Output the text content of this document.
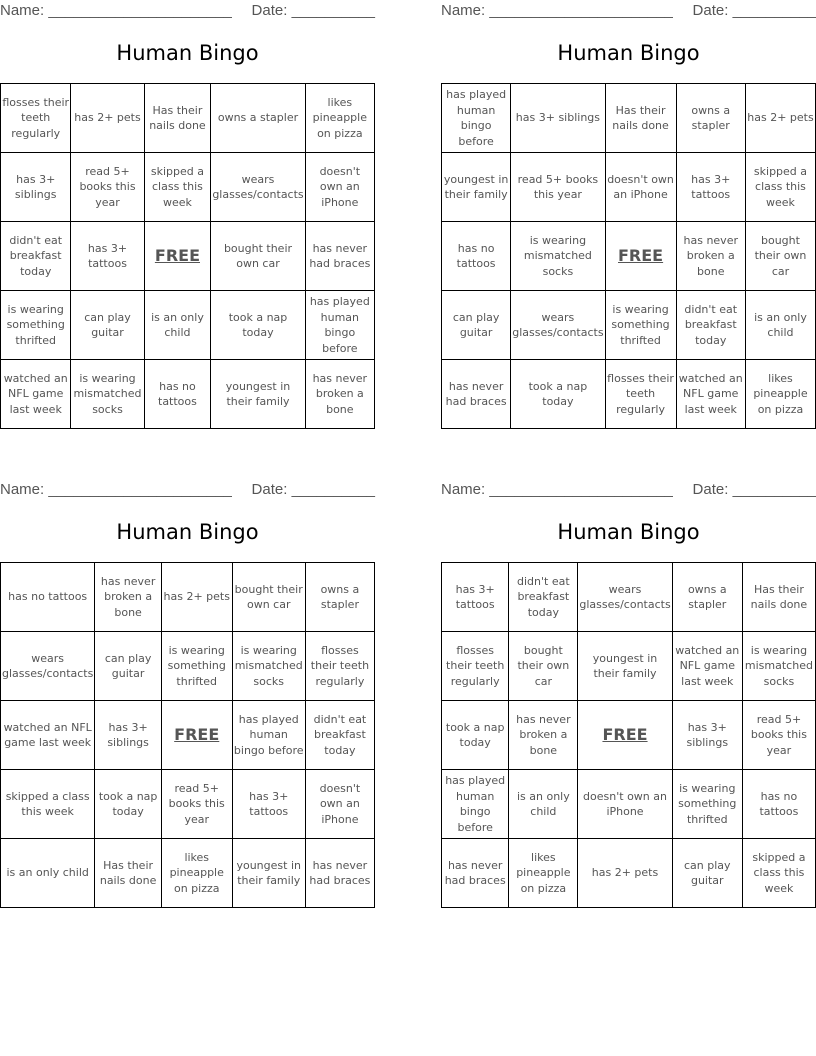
Name: ______________________ Date: __________
Human Bingo
flosses their teeth regularly	has 2+ pets	Has their nails done	owns a stapler	likes pineapple on pizza
has 3+ siblings	read 5+ books this year	skipped a class this week	wears glasses/contacts	doesn't own an iPhone
didn't eat breakfast today	has 3+ tattoos	FREE	bought their own car	has never had braces
is wearing something thrifted	can play guitar	is an only child	took a nap today	has played human bingo before
watched an NFL game last week	is wearing mismatched socks	has no tattoos	youngest in their family	has never broken a bone
Name: ______________________ Date: __________
Human Bingo
has played human bingo before	has 3+ siblings	Has their nails done	owns a stapler	has 2+ pets
youngest in their family	read 5+ books this year	doesn't own an iPhone	has 3+ tattoos	skipped a class this week
has no tattoos	is wearing mismatched socks	FREE	has never broken a bone	bought their own car
can play guitar	wears glasses/contacts	is wearing something thrifted	didn't eat breakfast today	is an only child
has never had braces	took a nap today	flosses their teeth regularly	watched an NFL game last week	likes pineapple on pizza
Name: ______________________ Date: __________
Human Bingo
has no tattoos	has never broken a bone	has 2+ pets	bought their own car	owns a stapler
wears glasses/contacts	can play guitar	is wearing something thrifted	is wearing mismatched socks	flosses their teeth regularly
watched an NFL game last week	has 3+ siblings	FREE	has played human bingo before	didn't eat breakfast today
skipped a class this week	took a nap today	read 5+ books this year	has 3+ tattoos	doesn't own an iPhone
is an only child	Has their nails done	likes pineapple on pizza	youngest in their family	has never had braces
Name: ______________________ Date: __________
Human Bingo
has 3+ tattoos	didn't eat breakfast today	wears glasses/contacts	owns a stapler	Has their nails done
flosses their teeth regularly	bought their own car	youngest in their family	watched an NFL game last week	is wearing mismatched socks
took a nap today	has never broken a bone	FREE	has 3+ siblings	read 5+ books this year
has played human bingo before	is an only child	doesn't own an iPhone	is wearing something thrifted	has no tattoos
has never had braces	likes pineapple on pizza	has 2+ pets	can play guitar	skipped a class this week
